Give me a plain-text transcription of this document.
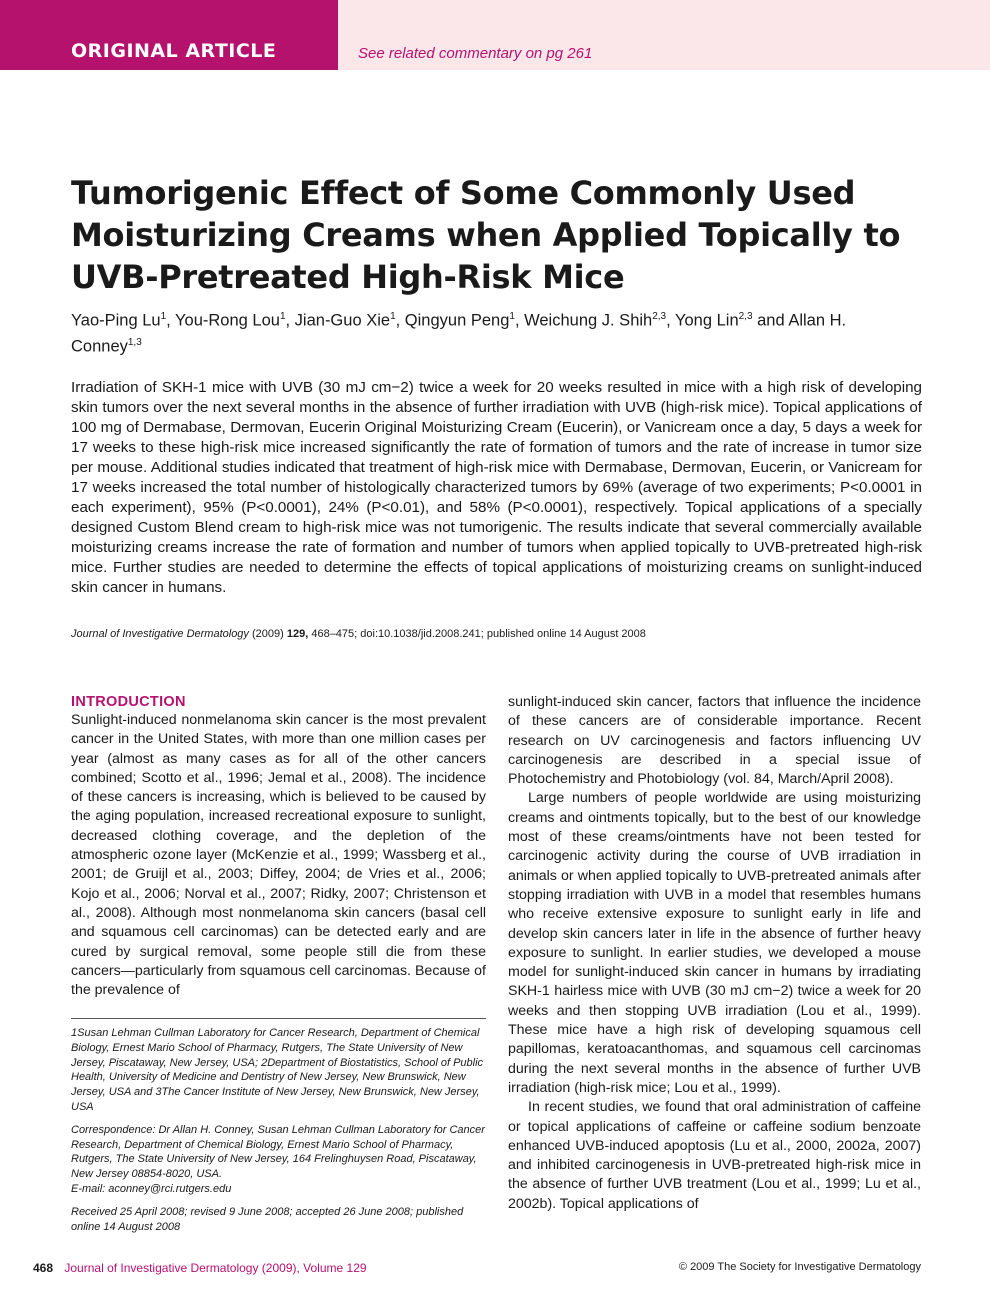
ORIGINAL ARTICLE	See related commentary on pg 261
Tumorigenic Effect of Some Commonly Used Moisturizing Creams when Applied Topically to UVB-Pretreated High-Risk Mice

Yao-Ping Lu$^1$, You-Rong Lou$^1$, Jian-Guo Xie$^1$, Qingyun Peng$^1$, Weichung J. Shih$^{2,3}$, Yong Lin$^{2,3}$ and Allan H. Conney$^{1,3}$

Irradiation of SKH-1 mice with UVB (30 mJ cm−2) twice a week for 20 weeks resulted in mice with a high risk of developing skin tumors over the next several months in the absence of further irradiation with UVB (high-risk mice). Topical applications of 100 mg of Dermabase, Dermovan, Eucerin Original Moisturizing Cream (Eucerin), or Vanicream once a day, 5 days a week for 17 weeks to these high-risk mice increased significantly the rate of formation of tumors and the rate of increase in tumor size per mouse. Additional studies indicated that treatment of high-risk mice with Dermabase, Dermovan, Eucerin, or Vanicream for 17 weeks increased the total number of histologically characterized tumors by 69% (average of two experiments; P<0.0001 in each experiment), 95% (P<0.0001), 24% (P<0.01), and 58% (P<0.0001), respectively. Topical applications of a specially designed Custom Blend cream to high-risk mice was not tumorigenic. The results indicate that several commercially available moisturizing creams increase the rate of formation and number of tumors when applied topically to UVB-pretreated high-risk mice. Further studies are needed to determine the effects of topical applications of moisturizing creams on sunlight-induced skin cancer in humans.

Journal of Investigative Dermatology (2009) 129, 468–475; doi:10.1038/jid.2008.241; published online 14 August 2008

INTRODUCTION

Sunlight-induced nonmelanoma skin cancer is the most prevalent cancer in the United States, with more than one million cases per year (almost as many cases as for all of the other cancers combined; Scotto et al., 1996; Jemal et al., 2008). The incidence of these cancers is increasing, which is believed to be caused by the aging population, increased recreational exposure to sunlight, decreased clothing coverage, and the depletion of the atmospheric ozone layer (McKenzie et al., 1999; Wassberg et al., 2001; de Gruijl et al., 2003; Diffey, 2004; de Vries et al., 2006; Kojo et al., 2006; Norval et al., 2007; Ridky, 2007; Christenson et al., 2008). Although most nonmelanoma skin cancers (basal cell and squamous cell carcinomas) can be detected early and are cured by surgical removal, some people still die from these cancers—particularly from squamous cell carcinomas. Because of the prevalence of

1Susan Lehman Cullman Laboratory for Cancer Research, Department of Chemical Biology, Ernest Mario School of Pharmacy, Rutgers, The State University of New Jersey, Piscataway, New Jersey, USA; 2Department of Biostatistics, School of Public Health, University of Medicine and Dentistry of New Jersey, New Brunswick, New Jersey, USA and 3The Cancer Institute of New Jersey, New Brunswick, New Jersey, USA

Correspondence: Dr Allan H. Conney, Susan Lehman Cullman Laboratory for Cancer Research, Department of Chemical Biology, Ernest Mario School of Pharmacy, Rutgers, The State University of New Jersey, 164 Frelinghuysen Road, Piscataway, New Jersey 08854-8020, USA.

E-mail: aconney@rci.rutgers.edu

Received 25 April 2008; revised 9 June 2008; accepted 26 June 2008; published online 14 August 2008

sunlight-induced skin cancer, factors that influence the incidence of these cancers are of considerable importance. Recent research on UV carcinogenesis and factors influencing UV carcinogenesis are described in a special issue of Photochemistry and Photobiology (vol. 84, March/April 2008).

Large numbers of people worldwide are using moisturizing creams and ointments topically, but to the best of our knowledge most of these creams/ointments have not been tested for carcinogenic activity during the course of UVB irradiation in animals or when applied topically to UVB-pretreated animals after stopping irradiation with UVB in a model that resembles humans who receive extensive exposure to sunlight early in life and develop skin cancers later in life in the absence of further heavy exposure to sunlight. In earlier studies, we developed a mouse model for sunlight-induced skin cancer in humans by irradiating SKH-1 hairless mice with UVB (30 mJ cm−2) twice a week for 20 weeks and then stopping UVB irradiation (Lou et al., 1999). These mice have a high risk of developing squamous cell papillomas, keratoacanthomas, and squamous cell carcinomas during the next several months in the absence of further UVB irradiation (high-risk mice; Lou et al., 1999).

In recent studies, we found that oral administration of caffeine or topical applications of caffeine or caffeine sodium benzoate enhanced UVB-induced apoptosis (Lu et al., 2000, 2002a, 2007) and inhibited carcinogenesis in UVB-pretreated high-risk mice in the absence of further UVB treatment (Lou et al., 1999; Lu et al., 2002b). Topical applications of

468 Journal of Investigative Dermatology (2009), Volume 129	© 2009 The Society for Investigative Dermatology
